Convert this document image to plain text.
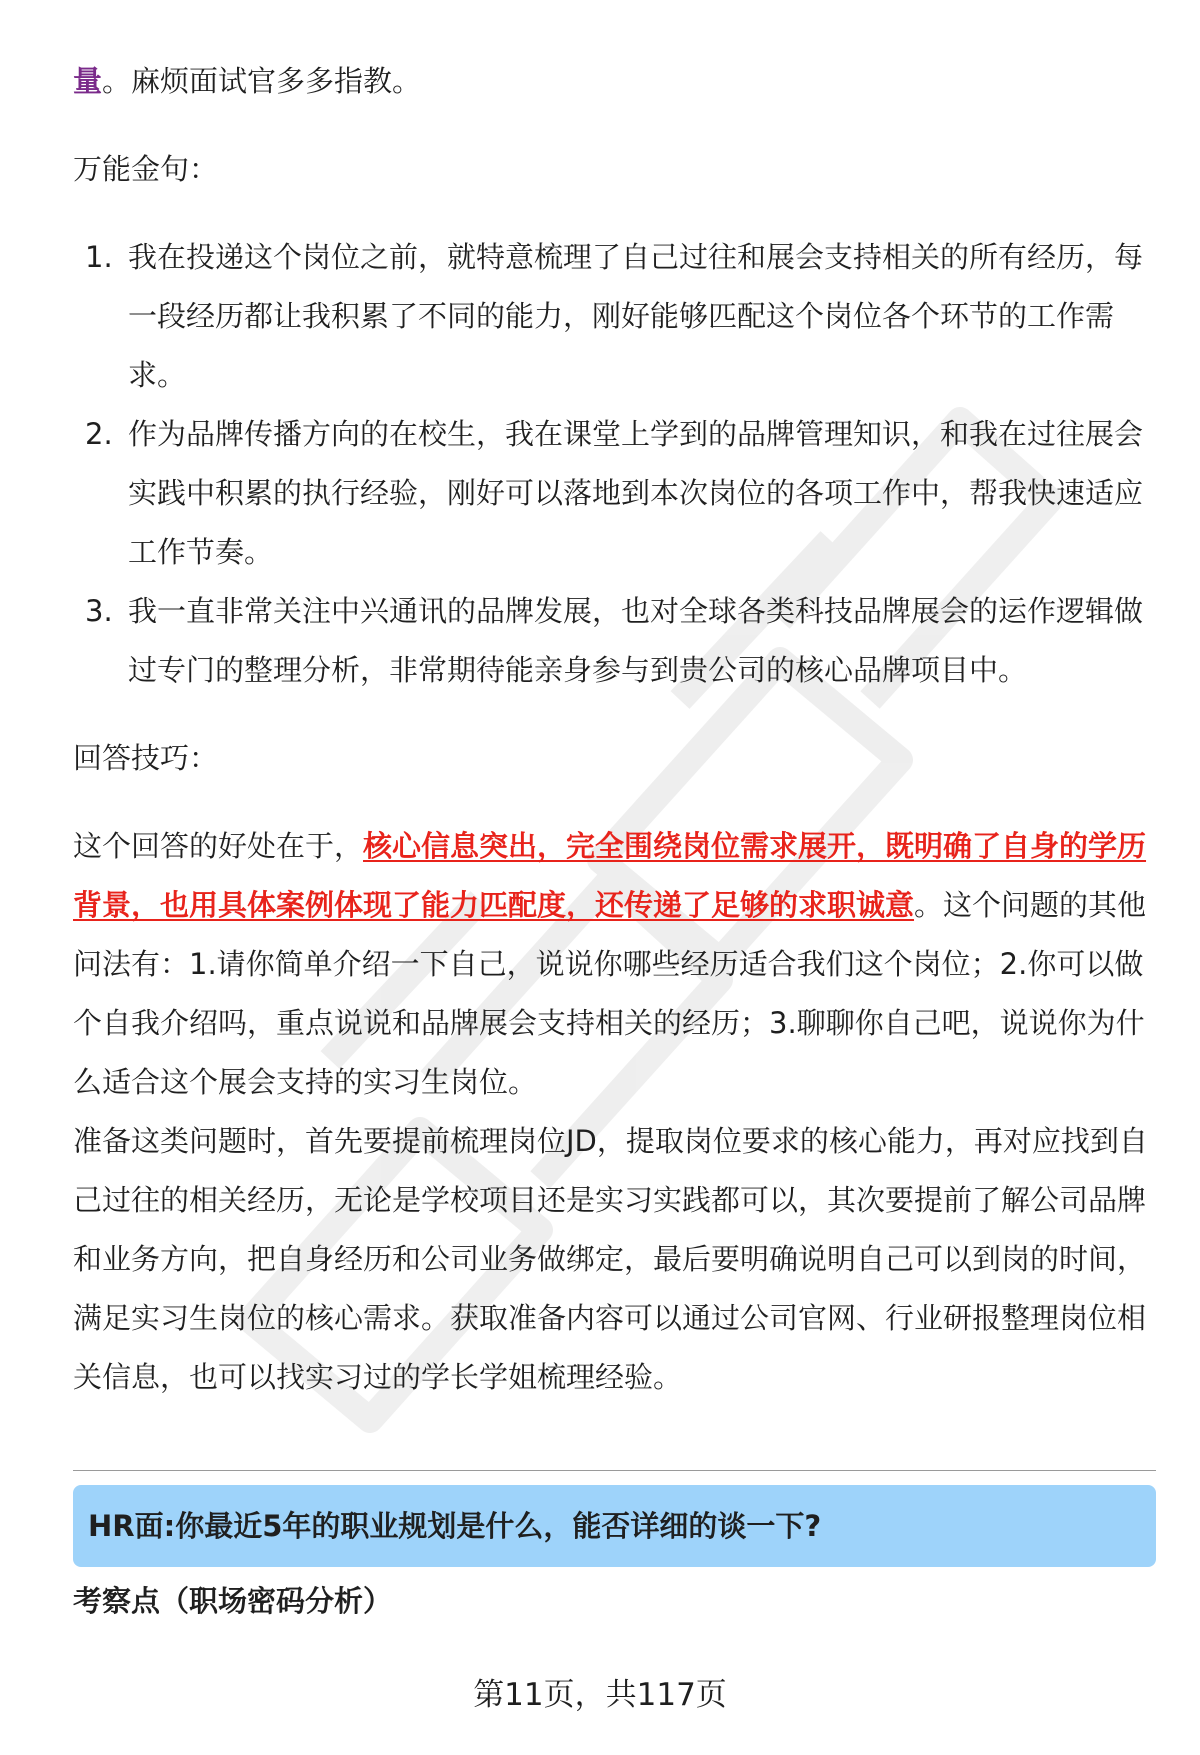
量。麻烦面试官多多指教。

万能金句：

1. 我在投递这个岗位之前，就特意梳理了自己过往和展会支持相关的所有经历，每一段经历都让我积累了不同的能力，刚好能够匹配这个岗位各个环节的工作需求。
2. 作为品牌传播方向的在校生，我在课堂上学到的品牌管理知识，和我在过往展会实践中积累的执行经验，刚好可以落地到本次岗位的各项工作中，帮我快速适应工作节奏。
3. 我一直非常关注中兴通讯的品牌发展，也对全球各类科技品牌展会的运作逻辑做过专门的整理分析，非常期待能亲身参与到贵公司的核心品牌项目中。

回答技巧：

这个回答的好处在于，核心信息突出，完全围绕岗位需求展开，既明确了自身的学历背景，也用具体案例体现了能力匹配度，还传递了足够的求职诚意。这个问题的其他问法有：1.请你简单介绍一下自己，说说你哪些经历适合我们这个岗位；2.你可以做个自我介绍吗，重点说说和品牌展会支持相关的经历；3.聊聊你自己吧，说说你为什么适合这个展会支持的实习生岗位。

准备这类问题时，首先要提前梳理岗位JD，提取岗位要求的核心能力，再对应找到自己过往的相关经历，无论是学校项目还是实习实践都可以，其次要提前了解公司品牌和业务方向，把自身经历和公司业务做绑定，最后要明确说明自己可以到岗的时间，满足实习生岗位的核心需求。获取准备内容可以通过公司官网、行业研报整理岗位相关信息，也可以找实习过的学长学姐梳理经验。

HR面:你最近5年的职业规划是什么，能否详细的谈一下?
考察点（职场密码分析）
第11页，共117页
